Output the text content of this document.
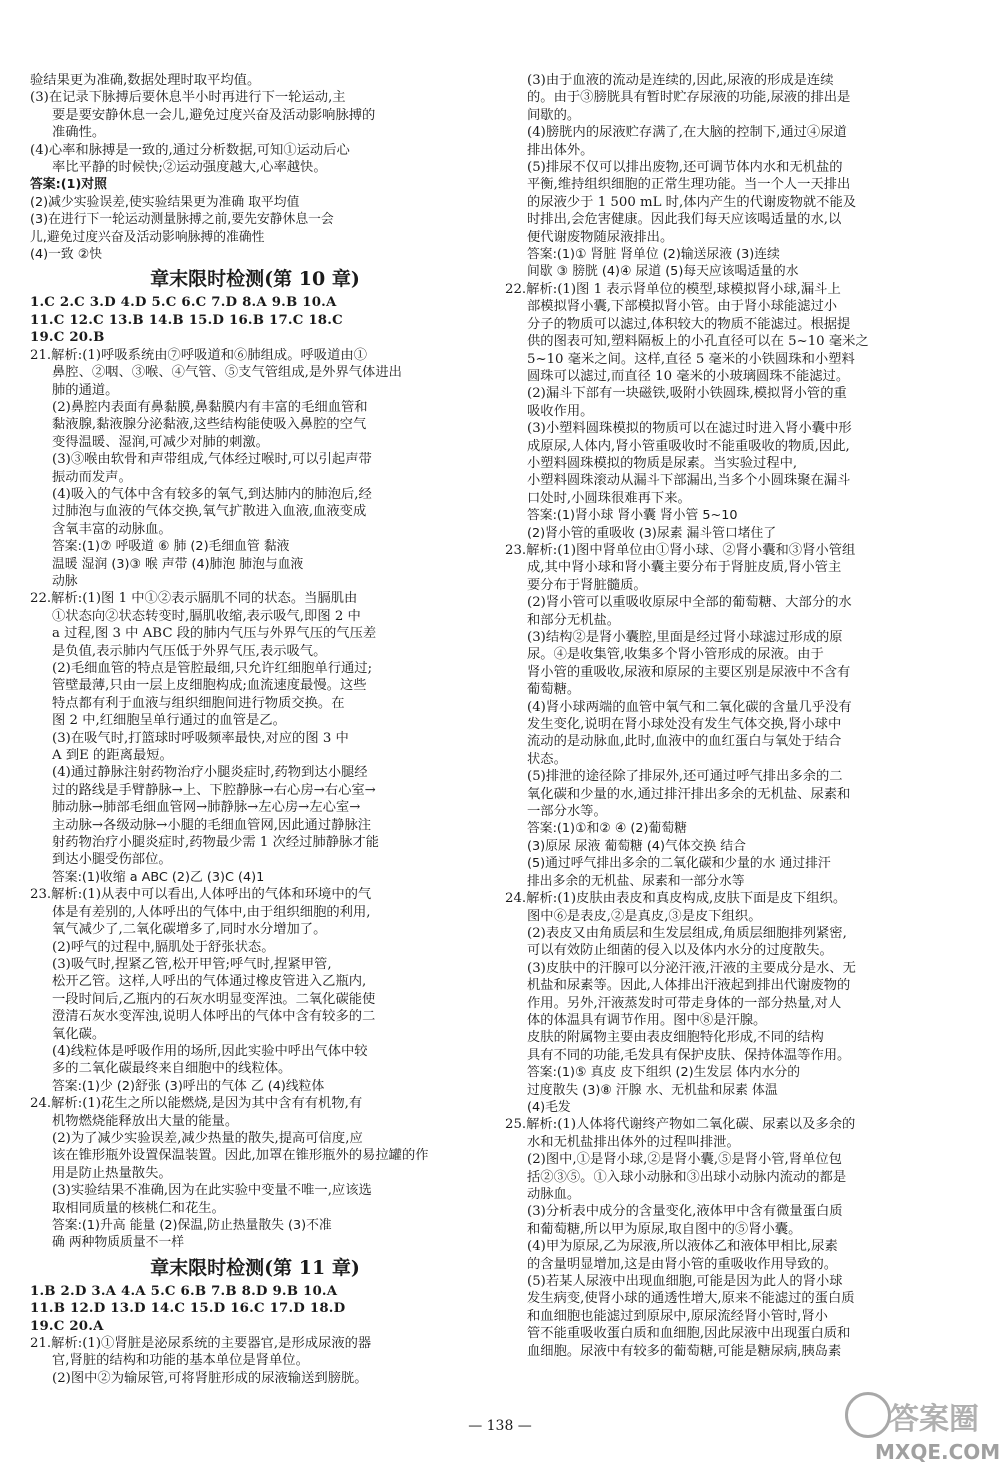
验结果更为准确,数据处理时取平均值。

(3)在记录下脉搏后要休息半小时再进行下一轮运动,主

要是要安静休息一会儿,避免过度兴奋及活动影响脉搏的

准确性。

(4)心率和脉搏是一致的,通过分析数据,可知①运动后心

率比平静的时候快;②运动强度越大,心率越快。

答案:(1)对照

(2)减少实验误差,使实验结果更为准确 取平均值

(3)在进行下一轮运动测量脉搏之前,要先安静休息一会

儿,避免过度兴奋及活动影响脉搏的准确性

(4)一致 ②快

章末限时检测(第 10 章)

1.C 2.C 3.D 4.D 5.C 6.C 7.D 8.A 9.B 10.A

11.C 12.C 13.B 14.B 15.D 16.B 17.C 18.C

19.C 20.B

21.解析:(1)呼吸系统由⑦呼吸道和⑥肺组成。呼吸道由①

鼻腔、②咽、③喉、④气管、⑤支气管组成,是外界气体进出

肺的通道。

(2)鼻腔内表面有鼻黏膜,鼻黏膜内有丰富的毛细血管和

黏液腺,黏液腺分泌黏液,这些结构能使吸入鼻腔的空气

变得温暖、湿润,可减少对肺的刺激。

(3)③喉由软骨和声带组成,气体经过喉时,可以引起声带

振动而发声。

(4)吸入的气体中含有较多的氧气,到达肺内的肺泡后,经

过肺泡与血液的气体交换,氧气扩散进入血液,血液变成

含氧丰富的动脉血。

答案:(1)⑦ 呼吸道 ⑥ 肺 (2)毛细血管 黏液

温暖 湿润 (3)③ 喉 声带 (4)肺泡 肺泡与血液

动脉

22.解析:(1)图 1 中①②表示膈肌不同的状态。当膈肌由

①状态向②状态转变时,膈肌收缩,表示吸气,即图 2 中

a 过程,图 3 中 ABC 段的肺内气压与外界气压的气压差

是负值,表示肺内气压低于外界气压,表示吸气。

(2)毛细血管的特点是管腔最细,只允许红细胞单行通过;

管壁最薄,只由一层上皮细胞构成;血流速度最慢。这些

特点都有利于血液与组织细胞间进行物质交换。在

图 2 中,红细胞呈单行通过的血管是乙。

(3)在吸气时,打篮球时呼吸频率最快,对应的图 3 中

A 到E 的距离最短。

(4)通过静脉注射药物治疗小腿炎症时,药物到达小腿经

过的路线是手臂静脉→上、下腔静脉→右心房→右心室→

肺动脉→肺部毛细血管网→肺静脉→左心房→左心室→

主动脉→各级动脉→小腿的毛细血管网,因此通过静脉注

射药物治疗小腿炎症时,药物最少需 1 次经过肺静脉才能

到达小腿受伤部位。

答案:(1)收缩 a ABC (2)乙 (3)C (4)1

23.解析:(1)从表中可以看出,人体呼出的气体和环境中的气

体是有差别的,人体呼出的气体中,由于组织细胞的利用,

氧气减少了,二氧化碳增多了,同时水分增加了。

(2)呼气的过程中,膈肌处于舒张状态。

(3)吸气时,捏紧乙管,松开甲管;呼气时,捏紧甲管,

松开乙管。这样,人呼出的气体通过橡皮管进入乙瓶内,

一段时间后,乙瓶内的石灰水明显变浑浊。二氧化碳能使

澄清石灰水变浑浊,说明人体呼出的气体中含有较多的二

氧化碳。

(4)线粒体是呼吸作用的场所,因此实验中呼出气体中较

多的二氧化碳最终来自细胞中的线粒体。

答案:(1)少 (2)舒张 (3)呼出的气体 乙 (4)线粒体

24.解析:(1)花生之所以能燃烧,是因为其中含有有机物,有

机物燃烧能释放出大量的能量。

(2)为了减少实验误差,减少热量的散失,提高可信度,应

该在锥形瓶外设置保温装置。因此,加罩在锥形瓶外的易拉罐的作

用是防止热量散失。

(3)实验结果不准确,因为在此实验中变量不唯一,应该选

取相同质量的核桃仁和花生。

答案:(1)升高 能量 (2)保温,防止热量散失 (3)不准

确 两种物质质量不一样

章末限时检测(第 11 章)

1.B 2.D 3.A 4.A 5.C 6.B 7.B 8.D 9.B 10.A

11.B 12.D 13.D 14.C 15.D 16.C 17.D 18.D

19.C 20.A

21.解析:(1)①肾脏是泌尿系统的主要器官,是形成尿液的器

官,肾脏的结构和功能的基本单位是肾单位。

(2)图中②为输尿管,可将肾脏形成的尿液输送到膀胱。

(3)由于血液的流动是连续的,因此,尿液的形成是连续

的。由于③膀胱具有暂时贮存尿液的功能,尿液的排出是

间歇的。

(4)膀胱内的尿液贮存满了,在大脑的控制下,通过④尿道

排出体外。

(5)排尿不仅可以排出废物,还可调节体内水和无机盐的

平衡,维持组织细胞的正常生理功能。当一个人一天排出

的尿液少于 1 500 mL 时,体内产生的代谢废物就不能及

时排出,会危害健康。因此我们每天应该喝适量的水,以

便代谢废物随尿液排出。

答案:(1)① 肾脏 肾单位 (2)输送尿液 (3)连续

间歇 ③ 膀胱 (4)④ 尿道 (5)每天应该喝适量的水

22.解析:(1)图 1 表示肾单位的模型,球模拟肾小球,漏斗上

部模拟肾小囊,下部模拟肾小管。由于肾小球能滤过小

分子的物质可以滤过,体积较大的物质不能滤过。根据提

供的图表可知,塑料隔板上的小孔直径可以在 5~10 毫米之

5~10 毫米之间。这样,直径 5 毫米的小铁圆珠和小塑料

圆珠可以滤过,而直径 10 毫米的小玻璃圆珠不能滤过。

(2)漏斗下部有一块磁铁,吸附小铁圆珠,模拟肾小管的重

吸收作用。

(3)小塑料圆珠模拟的物质可以在滤过时进入肾小囊中形

成原尿,人体内,肾小管重吸收时不能重吸收的物质,因此,

小塑料圆珠模拟的物质是尿素。当实验过程中,

小塑料圆珠滚动从漏斗下部漏出,当多个小圆珠聚在漏斗

口处时,小圆珠很难再下来。

答案:(1)肾小球 肾小囊 肾小管 5~10

(2)肾小管的重吸收 (3)尿素 漏斗管口堵住了

23.解析:(1)图中肾单位由①肾小球、②肾小囊和③肾小管组

成,其中肾小球和肾小囊主要分布于肾脏皮质,肾小管主

要分布于肾脏髓质。

(2)肾小管可以重吸收原尿中全部的葡萄糖、大部分的水

和部分无机盐。

(3)结构②是肾小囊腔,里面是经过肾小球滤过形成的原

尿。④是收集管,收集多个肾小管形成的尿液。由于

肾小管的重吸收,尿液和原尿的主要区别是尿液中不含有

葡萄糖。

(4)肾小球两端的血管中氧气和二氧化碳的含量几乎没有

发生变化,说明在肾小球处没有发生气体交换,肾小球中

流动的是动脉血,此时,血液中的血红蛋白与氧处于结合

状态。

(5)排泄的途径除了排尿外,还可通过呼气排出多余的二

氧化碳和少量的水,通过排汗排出多余的无机盐、尿素和

一部分水等。

答案:(1)①和② ④ (2)葡萄糖

(3)原尿 尿液 葡萄糖 (4)气体交换 结合

(5)通过呼气排出多余的二氧化碳和少量的水 通过排汗

排出多余的无机盐、尿素和一部分水等

24.解析:(1)皮肤由表皮和真皮构成,皮肤下面是皮下组织。

图中⑥是表皮,②是真皮,③是皮下组织。

(2)表皮又由角质层和生发层组成,角质层细胞排列紧密,

可以有效防止细菌的侵入以及体内水分的过度散失。

(3)皮肤中的汗腺可以分泌汗液,汗液的主要成分是水、无

机盐和尿素等。因此,人体排出汗液起到排出代谢废物的

作用。另外,汗液蒸发时可带走身体的一部分热量,对人

体的体温具有调节作用。图中⑧是汗腺。

皮肤的附属物主要由表皮细胞特化形成,不同的结构

具有不同的功能,毛发具有保护皮肤、保持体温等作用。

答案:(1)⑤ 真皮 皮下组织 (2)生发层 体内水分的

过度散失 (3)⑧ 汗腺 水、无机盐和尿素 体温

(4)毛发

25.解析:(1)人体将代谢终产物如二氧化碳、尿素以及多余的

水和无机盐排出体外的过程叫排泄。

(2)图中,①是肾小球,②是肾小囊,⑤是肾小管,肾单位包

括②③⑤。①入球小动脉和③出球小动脉内流动的都是

动脉血。

(3)分析表中成分的含量变化,液体甲中含有微量蛋白质

和葡萄糖,所以甲为原尿,取自图中的⑤肾小囊。

(4)甲为原尿,乙为尿液,所以液体乙和液体甲相比,尿素

的含量明显增加,这是由肾小管的重吸收作用导致的。

(5)若某人尿液中出现血细胞,可能是因为此人的肾小球

发生病变,使肾小球的通透性增大,原来不能滤过的蛋白质

和血细胞也能滤过到原尿中,原尿流经肾小管时,肾小

管不能重吸收蛋白质和血细胞,因此尿液中出现蛋白质和

血细胞。尿液中有较多的葡萄糖,可能是糖尿病,胰岛素

— 138 —	答案圈
MXQE.COM
